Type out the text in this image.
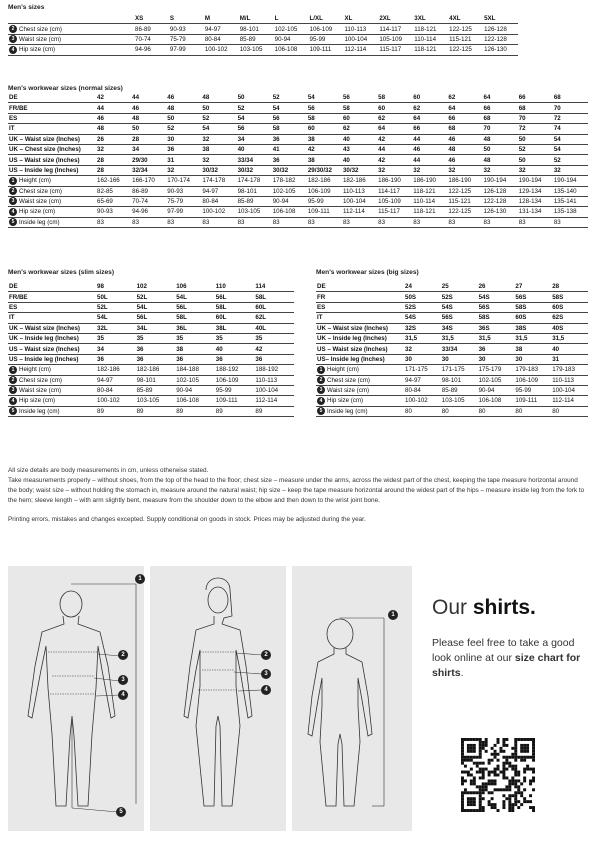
Men's sizes
	XS	S	M	M/L	L	L/XL	XL	2XL	3XL	4XL	5XL
2 Chest size (cm)	86-89	90-93	94-97	98-101	102-105	106-109	110-113	114-117	118-121	122-125	126-128
3 Waist size (cm)	70-74	75-79	80-84	85-89	90-94	95-99	100-104	105-109	110-114	115-121	122-128
4 Hip size (cm)	94-96	97-99	100-102	103-105	106-108	109-111	112-114	115-117	118-121	122-125	126-130
Men's workwear sizes (normal sizes)
DE	42	44	46	48	50	52	54	56	58	60	62	64	66	68
FR/BE	44	46	48	50	52	54	56	58	60	62	64	66	68	70
ES	46	48	50	52	54	56	58	60	62	64	66	68	70	72
IT	48	50	52	54	56	58	60	62	64	66	68	70	72	74
UK – Waist size (Inches)	26	28	30	32	34	36	38	40	42	44	46	48	50	54
UK – Chest size (Inches)	32	34	36	38	40	41	42	43	44	46	48	50	52	54
US – Waist size (Inches)	28	29/30	31	32	33/34	36	38	40	42	44	46	48	50	52
US – Inside leg (Inches)	28	32/34	32	30/32	30/32	30/32	29/30/32	30/32	32	32	32	32	32	32
1 Height (cm)	162-166	166-170	170-174	174-178	174-178	178-182	182-186	182-186	186-190	186-190	186-190	190-194	190-194	190-194
2 Chest size (cm)	82-85	86-89	90-93	94-97	98-101	102-105	106-109	110-113	114-117	118-121	122-125	126-128	129-134	135-140
3 Waist size (cm)	65-69	70-74	75-79	80-84	85-89	90-94	95-99	100-104	105-109	110-114	115-121	122-128	128-134	135-141
4 Hip size (cm)	90-93	94-96	97-99	100-102	103-105	106-108	109-111	112-114	115-117	118-121	122-125	126-130	131-134	135-138
5 Inside leg (cm)	83	83	83	83	83	83	83	83	83	83	83	83	83	83
Men's workwear sizes (slim sizes)
DE	98	102	106	110	114
FR/BE	50L	52L	54L	56L	58L
ES	52L	54L	56L	58L	60L
IT	54L	56L	58L	60L	62L
UK – Waist size (Inches)	32L	34L	36L	38L	40L
UK – Inside leg (Inches)	35	35	35	35	35
US – Waist size (Inches)	34	36	38	40	42
US – Inside leg (Inches)	36	36	36	36	36
1 Height (cm)	182-186	182-186	184-188	188-192	188-192
2 Chest size (cm)	94-97	98-101	102-105	106-109	110-113
3 Waist size (cm)	80-84	85-89	90-94	95-99	100-104
4 Hip size (cm)	100-102	103-105	106-108	109-111	112-114
5 Inside leg (cm)	89	89	89	89	89
Men's workwear sizes (big sizes)
DE	24	25	26	27	28
FR	50S	52S	54S	56S	58S
ES	52S	54S	56S	58S	60S
IT	54S	56S	58S	60S	62S
UK – Waist size (Inches)	32S	34S	36S	38S	40S
UK – Inside leg (Inches)	31,5	31,5	31,5	31,5	31,5
US – Waist size (Inches)	32	33/34	36	38	40
US– Inside leg (Inches)	30	30	30	30	31
1 Height (cm)	171-175	171-175	175-179	179-183	179-183
2 Chest size (cm)	94-97	98-101	102-105	106-109	110-113
3 Waist size (cm)	80-84	85-89	90-94	95-99	100-104
4 Hip size (cm)	100-102	103-105	106-108	109-111	112-114
5 Inside leg (cm)	80	80	80	80	80
All size details are body measurements in cm, unless otherwise stated.
Take measurements properly – without shoes, from the top of the head to the floor; chest size – measure under the arms, across the widest part of the chest, keeping the tape measure horizontal around the body; waist size – without holding the stomach in, measure around the natural waist; hip size – keep the tape measure horizontal around the widest part of the hips – measure inside leg from the fork to the hem; sleeve length – with arm slightly bent, measure from the shoulder down to the elbow and then down to the wrist joint bone.
Printing errors, mistakes and changes excepted. Supply conditional on goods in stock. Prices may be adjusted during the year.
1
2
3
4
5
2
3
4
1 Our shirts.
Please feel free to take a good look online at our size chart for shirts.
